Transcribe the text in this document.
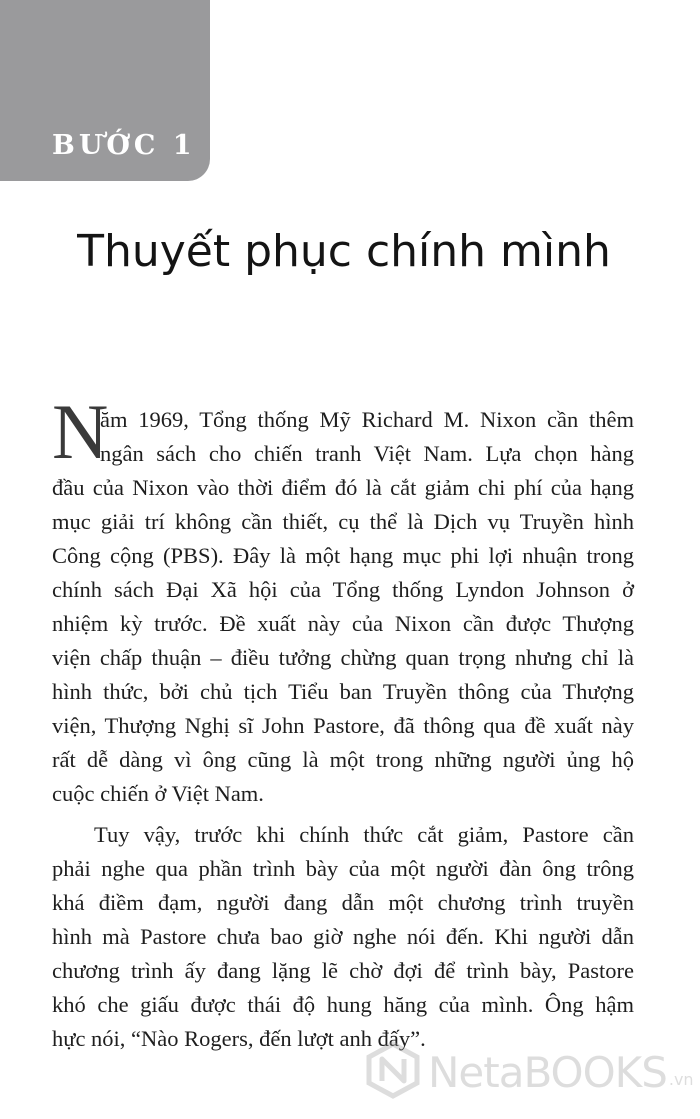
BƯỚC 1
Thuyết phục chính mình
N
ăm 1969, Tổng thống Mỹ Richard M. Nixon cần thêm
ngân sách cho chiến tranh Việt Nam. Lựa chọn hàng
đầu của Nixon vào thời điểm đó là cắt giảm chi phí của hạng
mục giải trí không cần thiết, cụ thể là Dịch vụ Truyền hình
Công cộng (PBS). Đây là một hạng mục phi lợi nhuận trong
chính sách Đại Xã hội của Tổng thống Lyndon Johnson ở
nhiệm kỳ trước. Đề xuất này của Nixon cần được Thượng
viện chấp thuận – điều tưởng chừng quan trọng nhưng chỉ là
hình thức, bởi chủ tịch Tiểu ban Truyền thông của Thượng
viện, Thượng Nghị sĩ John Pastore, đã thông qua đề xuất này
rất dễ dàng vì ông cũng là một trong những người ủng hộ
cuộc chiến ở Việt Nam.
Tuy vậy, trước khi chính thức cắt giảm, Pastore cần
phải nghe qua phần trình bày của một người đàn ông trông
khá điềm đạm, người đang dẫn một chương trình truyền
hình mà Pastore chưa bao giờ nghe nói đến. Khi người dẫn
chương trình ấy đang lặng lẽ chờ đợi để trình bày, Pastore
khó che giấu được thái độ hung hăng của mình. Ông hậm
hực nói, “Nào Rogers, đến lượt anh đấy”.
NetaBOOKS .vn
